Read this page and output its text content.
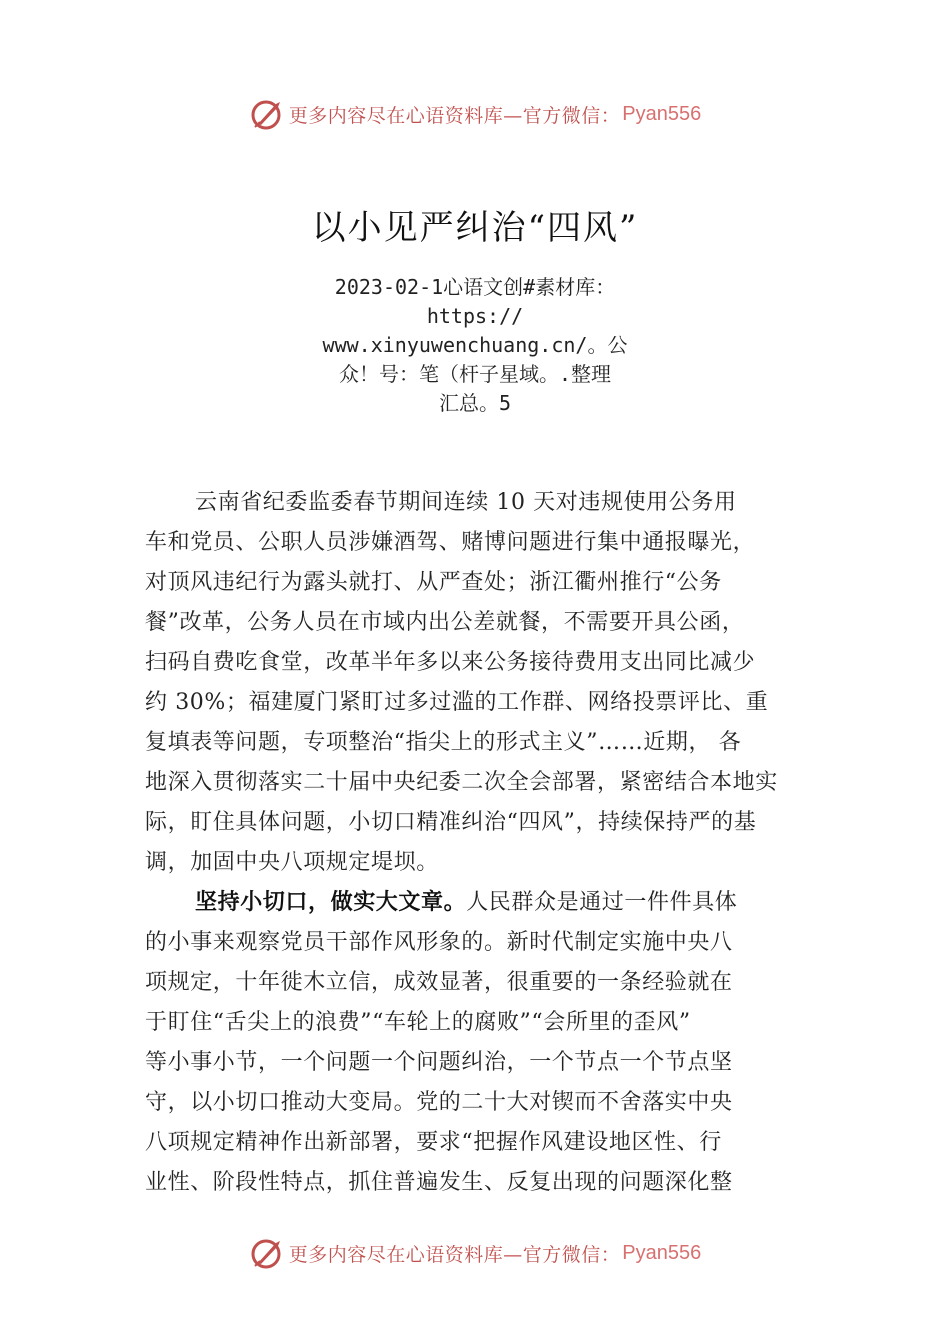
更多内容尽在心语资料库—官方微信： Pyan556
以小见严纠治“四风”
2023-02-1心语文创#素材库：
https://
www.xinyuwenchuang.cn/。公
众！号：笔（杆子星域。.整理
汇总。5
云南省纪委监委春节期间连续 10 天对违规使用公务用
车和党员、公职人员涉嫌酒驾、赌博问题进行集中通报曝光，
对顶风违纪行为露头就打、从严查处；浙江衢州推行“公务
餐”改革，公务人员在市域内出公差就餐，不需要开具公函，
扫码自费吃食堂，改革半年多以来公务接待费用支出同比减少
约 30%；福建厦门紧盯过多过滥的工作群、网络投票评比、重
复填表等问题，专项整治“指尖上的形式主义”……近期， 各
地深入贯彻落实二十届中央纪委二次全会部署，紧密结合本地实
际，盯住具体问题，小切口精准纠治“四风”，持续保持严的基
调，加固中央八项规定堤坝。
坚持小切口，做实大文章。人民群众是通过一件件具体
的小事来观察党员干部作风形象的。新时代制定实施中央八
项规定，十年徙木立信，成效显著，很重要的一条经验就在
于盯住“舌尖上的浪费”“车轮上的腐败”“会所里的歪风”
等小事小节，一个问题一个问题纠治，一个节点一个节点坚
守，以小切口推动大变局。党的二十大对锲而不舍落实中央
八项规定精神作出新部署，要求“把握作风建设地区性、行
业性、阶段性特点，抓住普遍发生、反复出现的问题深化整
更多内容尽在心语资料库—官方微信： Pyan556
